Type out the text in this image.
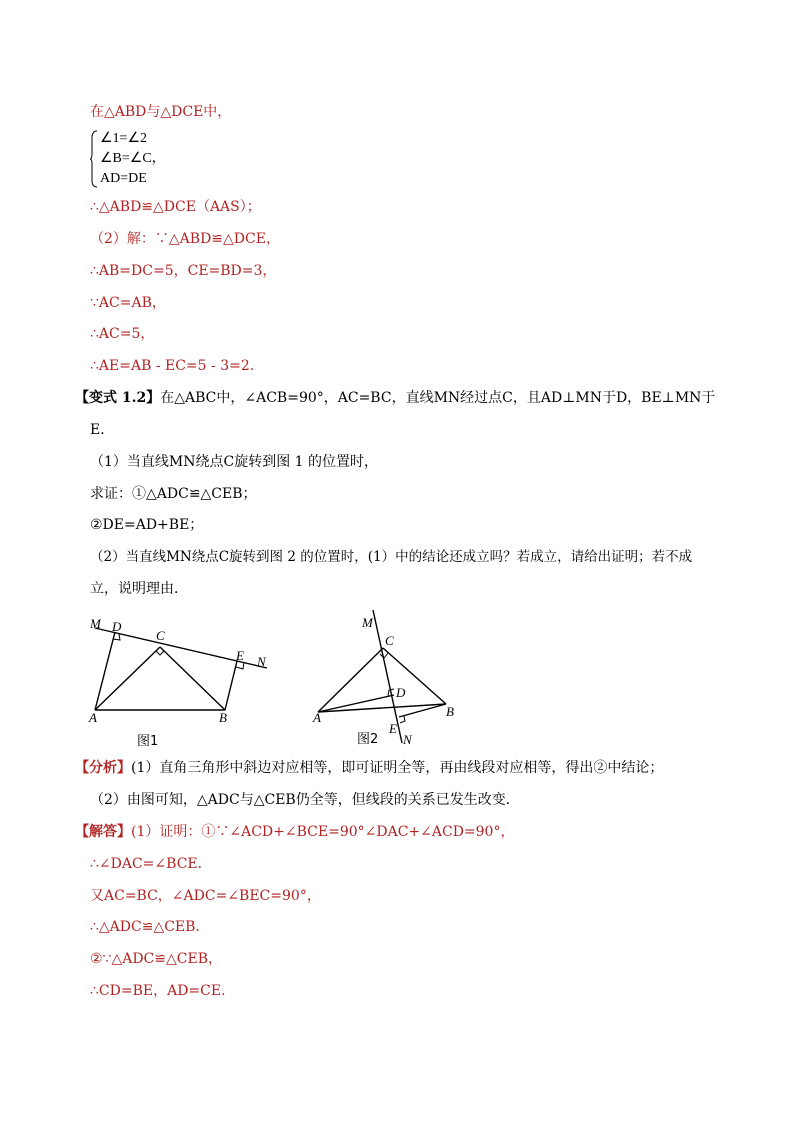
在△ABD与△DCE中，
∠1=∠2
∠B=∠C，
AD=DE
∴△ABD≌△DCE（AAS）；
（2）解：∵△ABD≌△DCE，
∴AB=DC=5，CE=BD=3，
∵AC=AB，
∴AC=5，
∴AE=AB - EC=5 - 3=2．
【变式 1.2】在△ABC中，∠ACB=90°，AC=BC，直线MN经过点C，且AD⊥MN于D，BE⊥MN于
E．
（1）当直线MN绕点C旋转到图 1 的位置时，
求证：①△ADC≌△CEB；
②DE=AD+BE；
（2）当直线MN绕点C旋转到图 2 的位置时，(1）中的结论还成立吗？若成立，请给出证明；若不成
立，说明理由．
M D
C
E N
A	B
图1
M
C
D
E
N
A	B
图2
【分析】(1）直角三角形中斜边对应相等，即可证明全等，再由线段对应相等，得出②中结论；
（2）由图可知，△ADC与△CEB仍全等，但线段的关系已发生改变．
【解答】(1）证明：①∵∠ACD+∠BCE=90°∠DAC+∠ACD=90°，
∴∠DAC=∠BCE．
又AC=BC，∠ADC=∠BEC=90°，
∴△ADC≌△CEB．
②∵△ADC≌△CEB，
∴CD=BE，AD=CE．
